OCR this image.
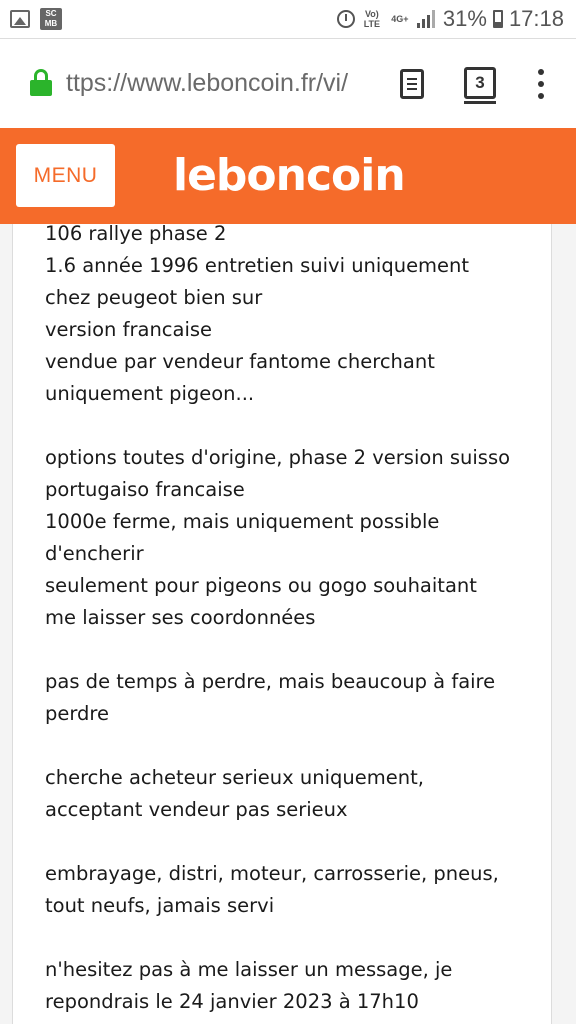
SC MB
Vo) LTE	4G+ 31% 17:18
ttps://www.leboncoin.fr/vi/	3
MENU	leboncoin
106 rallye phase 2
1.6 année 1996 entretien suivi uniquement
chez peugeot bien sur
version francaise
vendue par vendeur fantome cherchant
uniquement pigeon...
options toutes d'origine, phase 2 version suisso
portugaiso francaise
1000e ferme, mais uniquement possible
d'encherir
seulement pour pigeons ou gogo souhaitant
me laisser ses coordonnées
pas de temps à perdre, mais beaucoup à faire
perdre
cherche acheteur serieux uniquement,
acceptant vendeur pas serieux
embrayage, distri, moteur, carrosserie, pneus,
tout neufs, jamais servi
n'hesitez pas à me laisser un message, je
repondrais le 24 janvier 2023 à 17h10
